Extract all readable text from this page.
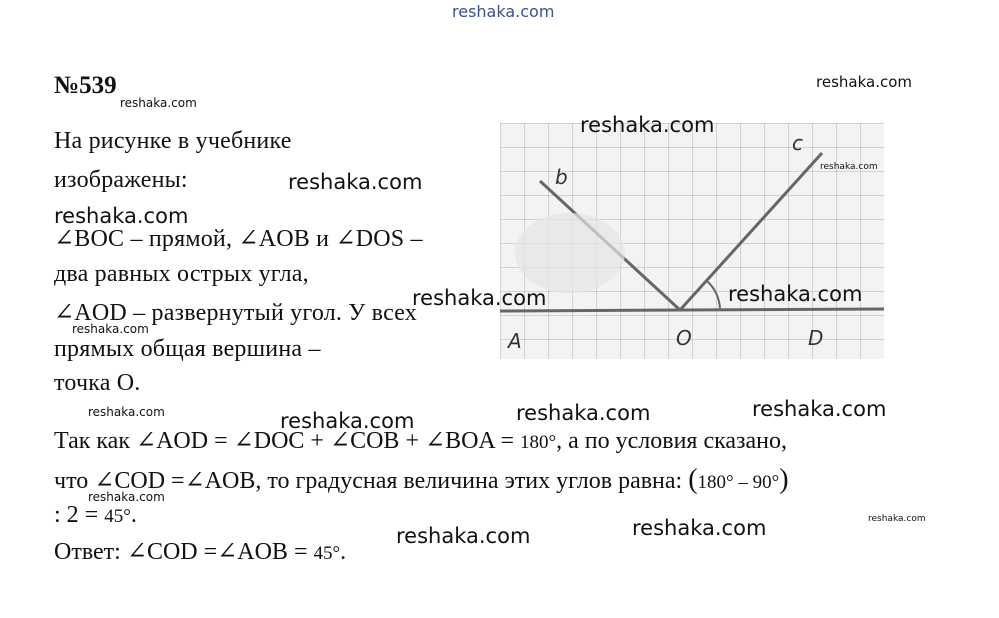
reshaka.com
№539
b
c
A	O	D
На рисунке в учебнике
изображены:
∠BOC – прямой, ∠AOB и ∠DOS –
два равных острых угла,
∠AOD – развернутый угол. У всех
прямых общая вершина –
точка О.
Так как ∠AOD = ∠DOC + ∠COB + ∠BOA = 180°, а по условия сказано,
что ∠COD =∠AOB, то градусная величина этих углов равна: (180° – 90°)
: 2 = 45°.
Ответ: ∠COD =∠AOB = 45°.
reshaka.com
reshaka.com
reshaka.com
reshaka.com
reshaka.com
reshaka.com
reshaka.com
reshaka.com
reshaka.com
reshaka.com
reshaka.com
reshaka.com	reshaka.com
reshaka.com
reshaka.com
reshaka.com
reshaka.com
